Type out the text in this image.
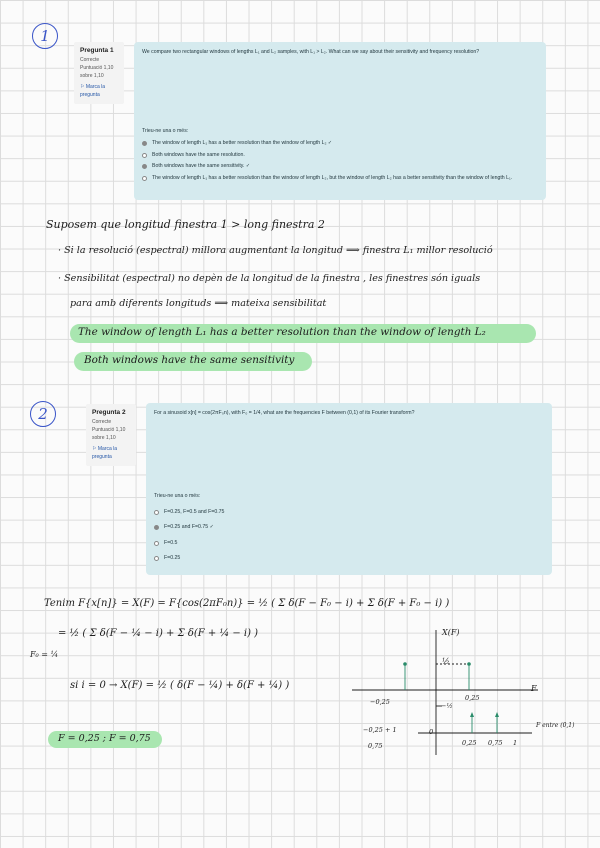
1
Pregunta 1
Correcte
Puntuació 1,10
sobre 1,10
⚐ Marca la pregunta
We compare two rectangular windows of lengths L₁ and L₂ samples, with L₁ > L₂. What can we say about their sensitivity and frequency resolution?
Trieu-ne una o més:
The window of length L₁ has a better resolution than the window of length L₂ ✓
Both windows have the same resolution.
Both windows have the same sensitivity. ✓
The window of length L₁ has a better resolution than the window of length L₂, but the window of length L₂ has a better sensitivity than the window of length L₁.
Suposem que longitud finestra 1 > long finestra 2
· Si la resolució (espectral) millora augmentant la longitud ⟹ finestra L₁ millor resolució
· Sensibilitat (espectral) no depèn de la longitud de la finestra , les finestres són iguals
para amb diferents longituds ⟹ mateixa sensibilitat
The window of length L₁ has a better resolution than the window of length L₂
Both windows have the same sensitivity
2	Pregunta 2
Correcte
Puntuació 1,10
sobre 1,10
⚐ Marca la pregunta
For a sinusoid x[n] = cos(2πF₀n), with F₀ = 1/4, what are the frequencies F between (0,1) of its Fourier transform?
Trieu-ne una o més:
F=0.25, F=0.5 and F=0.75
F=0.25 and F=0.75 ✓
F=0.5
F=0.25
Tenim F{x[n]} = X(F) = F{cos(2πF₀n)} = ½ ( Σ δ(F − F₀ − i) + Σ δ(F + F₀ − i) )
= ½ ( Σ δ(F − ¼ − i) + Σ δ(F + ¼ − i) )
F₀ = ¼
si i = 0 → X(F) = ½ ( δ(F − ¼) + δ(F + ¼) )
F = 0,25 ; F = 0,75
X(F)
½
F
−0,25	0,25
−½
0
0,25 0,75 1
F entre (0,1)
−0,25 + 1
0,75
